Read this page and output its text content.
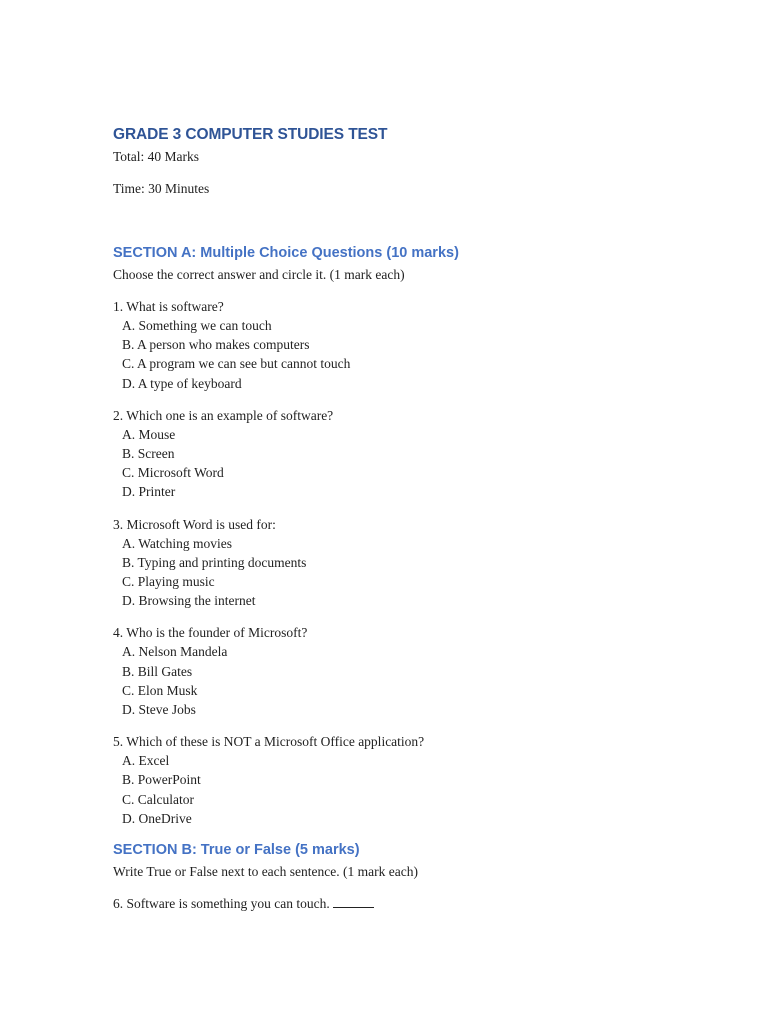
GRADE 3 COMPUTER STUDIES TEST

Total: 40 Marks

Time: 30 Minutes

SECTION A: Multiple Choice Questions (10 marks)

Choose the correct answer and circle it. (1 mark each)

1. What is software?

A. Something we can touch
B. A person who makes computers
C. A program we can see but cannot touch
D. A type of keyboard

2. Which one is an example of software?

A. Mouse
B. Screen
C. Microsoft Word
D. Printer

3. Microsoft Word is used for:

A. Watching movies
B. Typing and printing documents
C. Playing music
D. Browsing the internet

4. Who is the founder of Microsoft?

A. Nelson Mandela
B. Bill Gates
C. Elon Musk
D. Steve Jobs

5. Which of these is NOT a Microsoft Office application?

A. Excel
B. PowerPoint
C. Calculator
D. OneDrive
SECTION B: True or False (5 marks)

Write True or False next to each sentence. (1 mark each)

6. Software is something you can touch.
